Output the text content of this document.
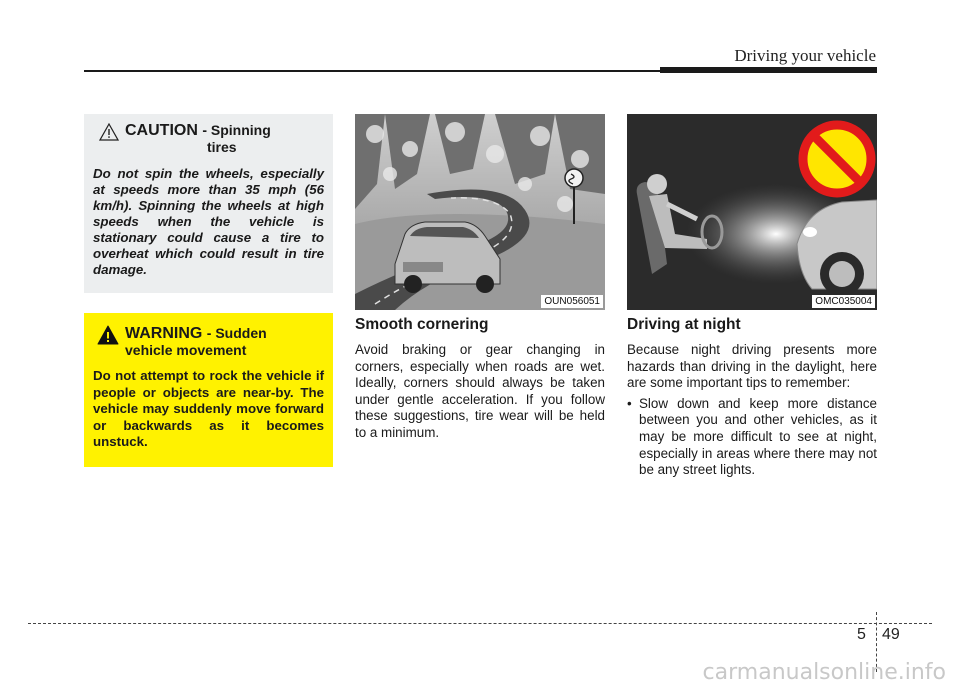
Driving your vehicle
CAUTION - Spinning
tires

Do not spin the wheels, especially at speeds more than 35 mph (56 km/h). Spinning the wheels at high speeds when the vehicle is stationary could cause a tire to overheat which could result in tire damage.

WARNING - Sudden
vehicle movement

Do not attempt to rock the vehicle if people or objects are near-by. The vehicle may suddenly move forward or backwards as it becomes unstuck.

OUN056051	OMC035004
Smooth cornering

Avoid braking or gear changing in corners, especially when roads are wet. Ideally, corners should always be taken under gentle acceleration. If you follow these suggestions, tire wear will be held to a minimum.

Driving at night

Because night driving presents more hazards than driving in the daylight, here are some important tips to remember:

• Slow down and keep more distance between you and other vehicles, as it may be more difficult to see at night, especially in areas where there may not be any street lights.
5 49
carmanualsonline.info
